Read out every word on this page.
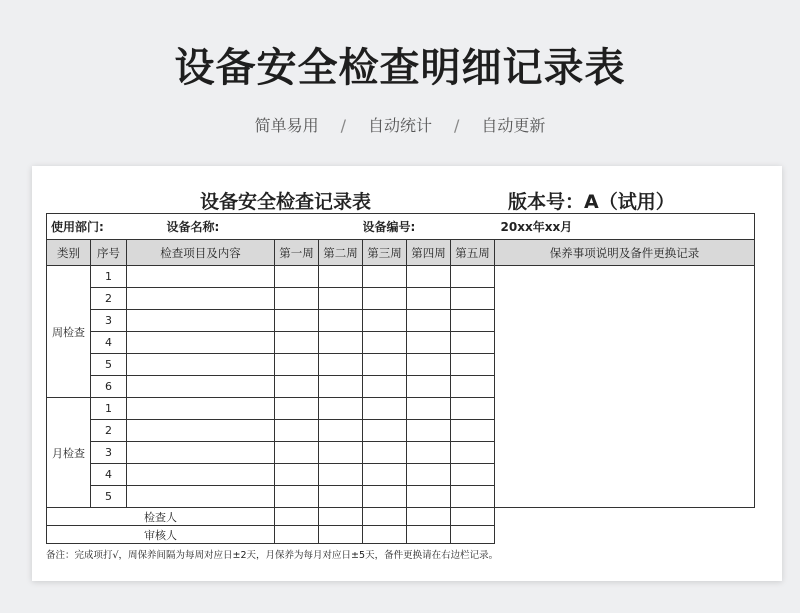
设备安全检查明细记录表
简单易用 / 自动统计 / 自动更新
设备安全检查记录表	版本号：A（试用）
使用部门:		设备名称:			设备编号:			20xx年xx月
类别	序号	检查项目及内容	第一周	第二周	第三周	第四周	第五周	保养事项说明及备件更换记录
周检查	1							
	2							
	3							
	4							
	5							
	6							
月检查	1							
	2							
	3							
	4							
	5							
检查人								
审核人								
备注：完成项打√，周保养间隔为每周对应日±2天，月保养为每月对应日±5天，备件更换请在右边栏记录。
